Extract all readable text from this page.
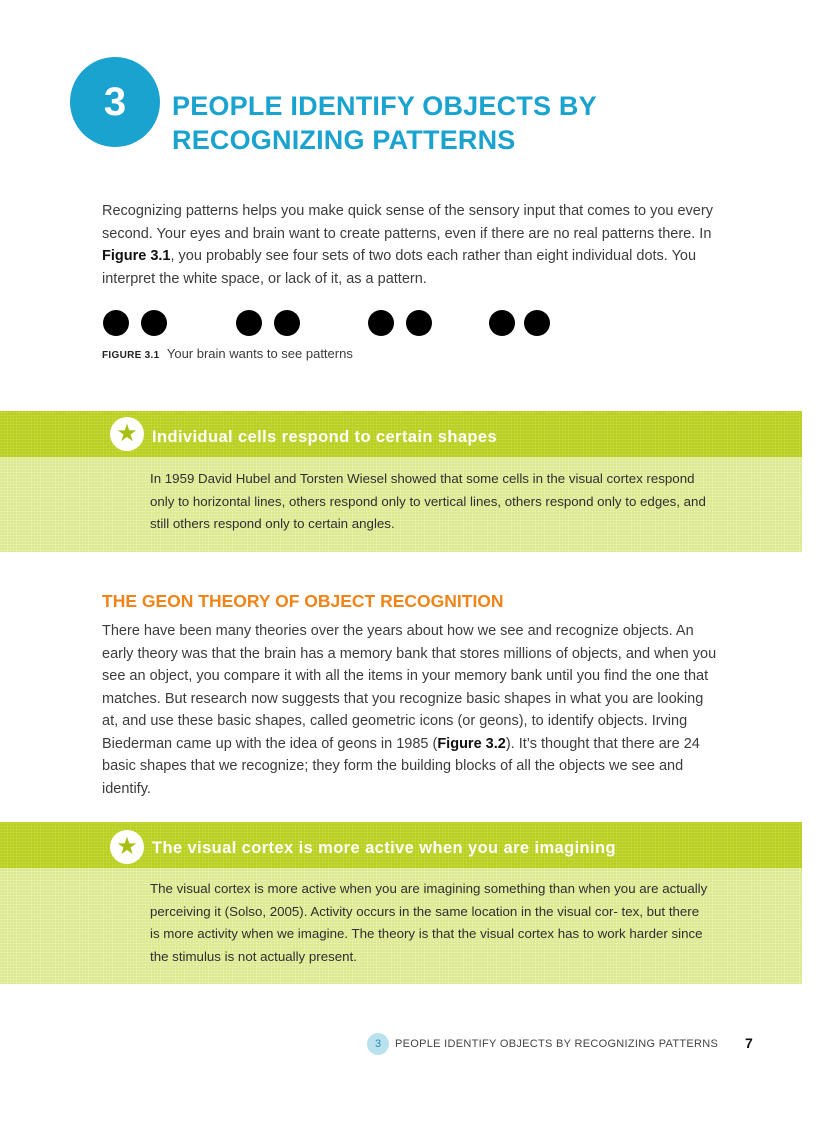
3	PEOPLE IDENTIFY OBJECTS BY
RECOGNIZING PATTERNS

Recognizing patterns helps you make quick sense of the sensory input that comes to you every second. Your eyes and brain want to create patterns, even if there are no real patterns there. In Figure 3.1, you probably see four sets of two dots each rather than eight individual dots. You interpret the white space, or lack of it, as a pattern.

FIGURE 3.1 Your brain wants to see patterns
★ Individual cells respond to certain shapes
In 1959 David Hubel and Torsten Wiesel showed that some cells in the visual cortex respond only to horizontal lines, others respond only to vertical lines, others respond only to edges, and still others respond only to certain angles.
THE GEON THEORY OF OBJECT RECOGNITION

There have been many theories over the years about how we see and recognize objects. An early theory was that the brain has a memory bank that stores millions of objects, and when you see an object, you compare it with all the items in your memory bank until you find the one that matches. But research now suggests that you recognize basic shapes in what you are looking at, and use these basic shapes, called geometric icons (or geons), to identify objects. Irving Biederman came up with the idea of geons in 1985 (Figure 3.2). It’s thought that there are 24 basic shapes that we recognize; they form the building blocks of all the objects we see and identify.

★ The visual cortex is more active when you are imagining
The visual cortex is more active when you are imagining something than when you are actually perceiving it (Solso, 2005). Activity occurs in the same location in the visual cor- tex, but there is more activity when we imagine. The theory is that the visual cortex has to work harder since the stimulus is not actually present.
3	PEOPLE IDENTIFY OBJECTS BY RECOGNIZING PATTERNS 7
